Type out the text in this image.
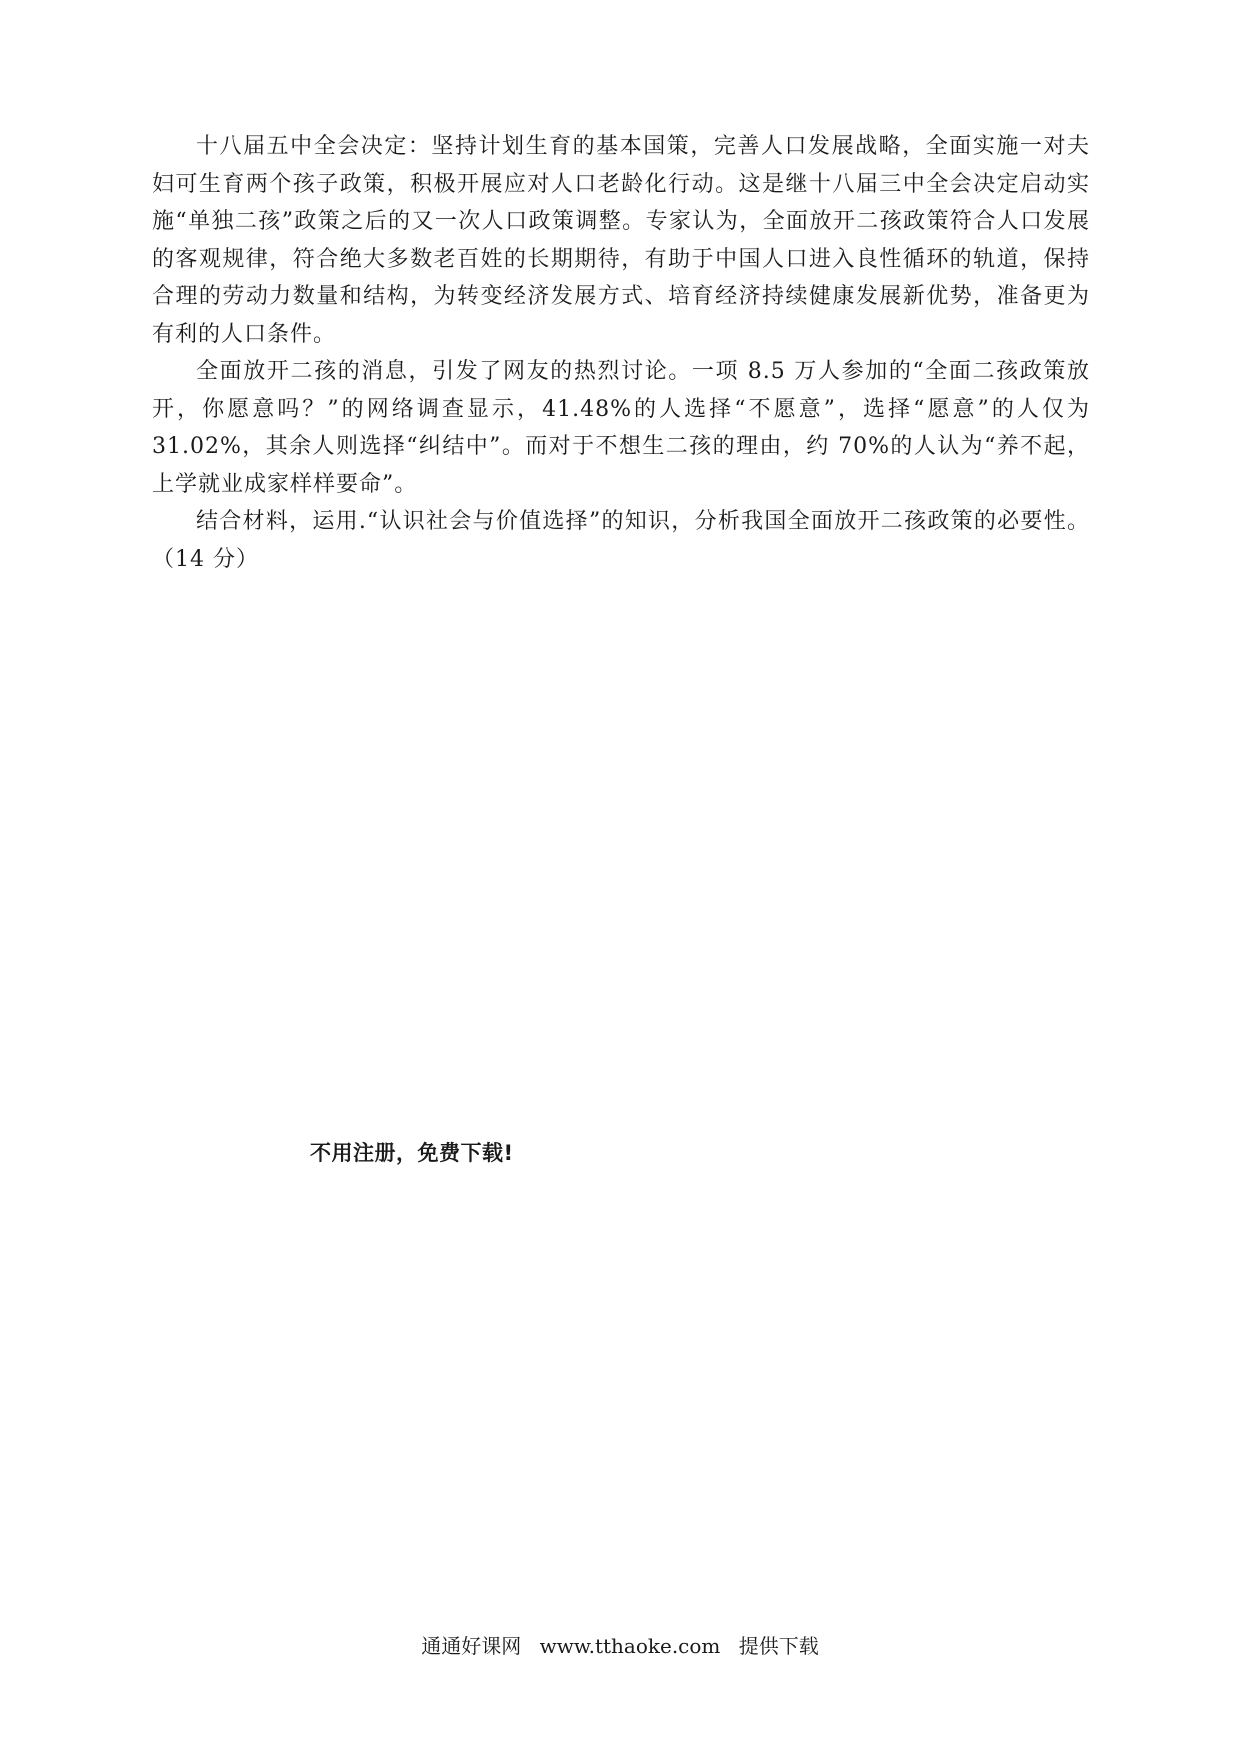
十八届五中全会决定：坚持计划生育的基本国策，完善人口发展战略，全面实施一对夫妇可生育两个孩子政策，积极开展应对人口老龄化行动。这是继十八届三中全会决定启动实施“单独二孩”政策之后的又一次人口政策调整。专家认为，全面放开二孩政策符合人口发展的客观规律，符合绝大多数老百姓的长期期待，有助于中国人口进入良性循环的轨道，保持合理的劳动力数量和结构，为转变经济发展方式、培育经济持续健康发展新优势，准备更为有利的人口条件。

全面放开二孩的消息，引发了网友的热烈讨论。一项 8.5 万人参加的“全面二孩政策放开，你愿意吗？”的网络调查显示，41.48%的人选择“不愿意”，选择“愿意”的人仅为 31.02%，其余人则选择“纠结中”。而对于不想生二孩的理由，约 70%的人认为“养不起，上学就业成家样样要命”。

结合材料，运用.“认识社会与价值选择”的知识，分析我国全面放开二孩政策的必要性。（14 分）

不用注册，免费下载!
通通好课网 www.tthaoke.com 提供下载
